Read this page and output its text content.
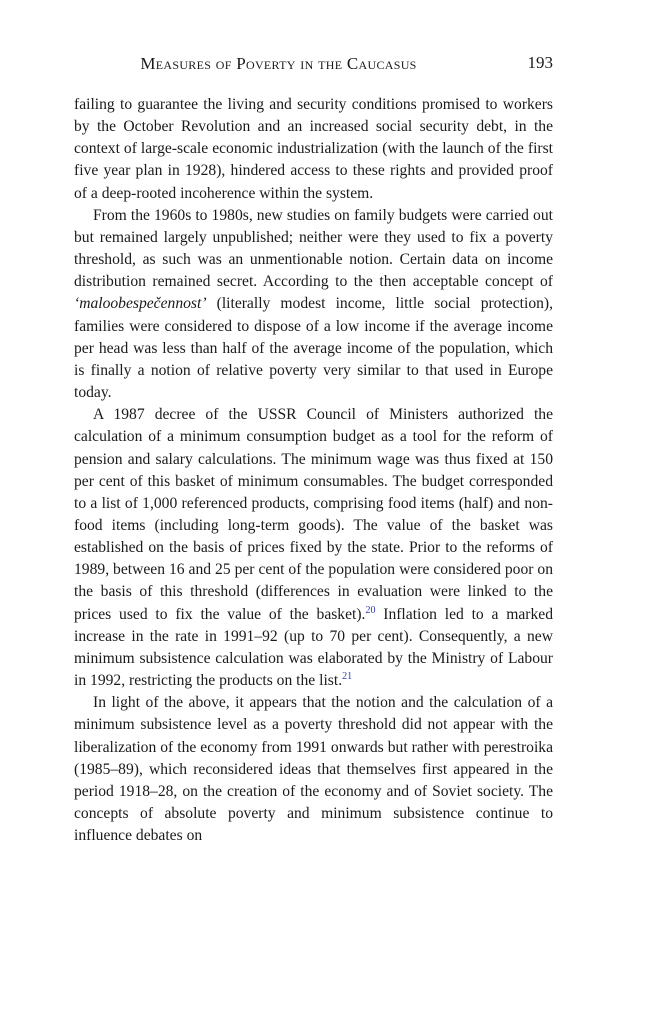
Measures of Poverty in the Caucasus	193

failing to guarantee the living and security conditions promised to workers by the October Revolution and an increased social security debt, in the context of large-scale economic industrialization (with the launch of the first five year plan in 1928), hindered access to these rights and provided proof of a deep-rooted incoherence within the system.

From the 1960s to 1980s, new studies on family budgets were carried out but remained largely unpublished; neither were they used to fix a poverty threshold, as such was an unmentionable notion. Certain data on income distribution remained secret. According to the then acceptable concept of ‘maloobespečennost’ (literally modest income, little social protection), families were considered to dispose of a low income if the average income per head was less than half of the average income of the population, which is finally a notion of relative poverty very similar to that used in Europe today.

A 1987 decree of the USSR Council of Ministers authorized the calculation of a minimum consumption budget as a tool for the reform of pension and salary calculations. The minimum wage was thus fixed at 150 per cent of this basket of minimum consumables. The budget corresponded to a list of 1,000 referenced products, comprising food items (half) and non-food items (including long-term goods). The value of the basket was established on the basis of prices fixed by the state. Prior to the reforms of 1989, between 16 and 25 per cent of the population were considered poor on the basis of this threshold (differences in evaluation were linked to the prices used to fix the value of the basket).$^{20}$ Inflation led to a marked increase in the rate in 1991–92 (up to 70 per cent). Consequently, a new minimum subsistence calculation was elaborated by the Ministry of Labour in 1992, restricting the products on the list.$^{21}$

In light of the above, it appears that the notion and the calculation of a minimum subsistence level as a poverty threshold did not appear with the liberalization of the economy from 1991 onwards but rather with perestroika (1985–89), which reconsidered ideas that themselves first appeared in the period 1918–28, on the creation of the economy and of Soviet society. The concepts of absolute poverty and minimum subsistence continue to influence debates on
